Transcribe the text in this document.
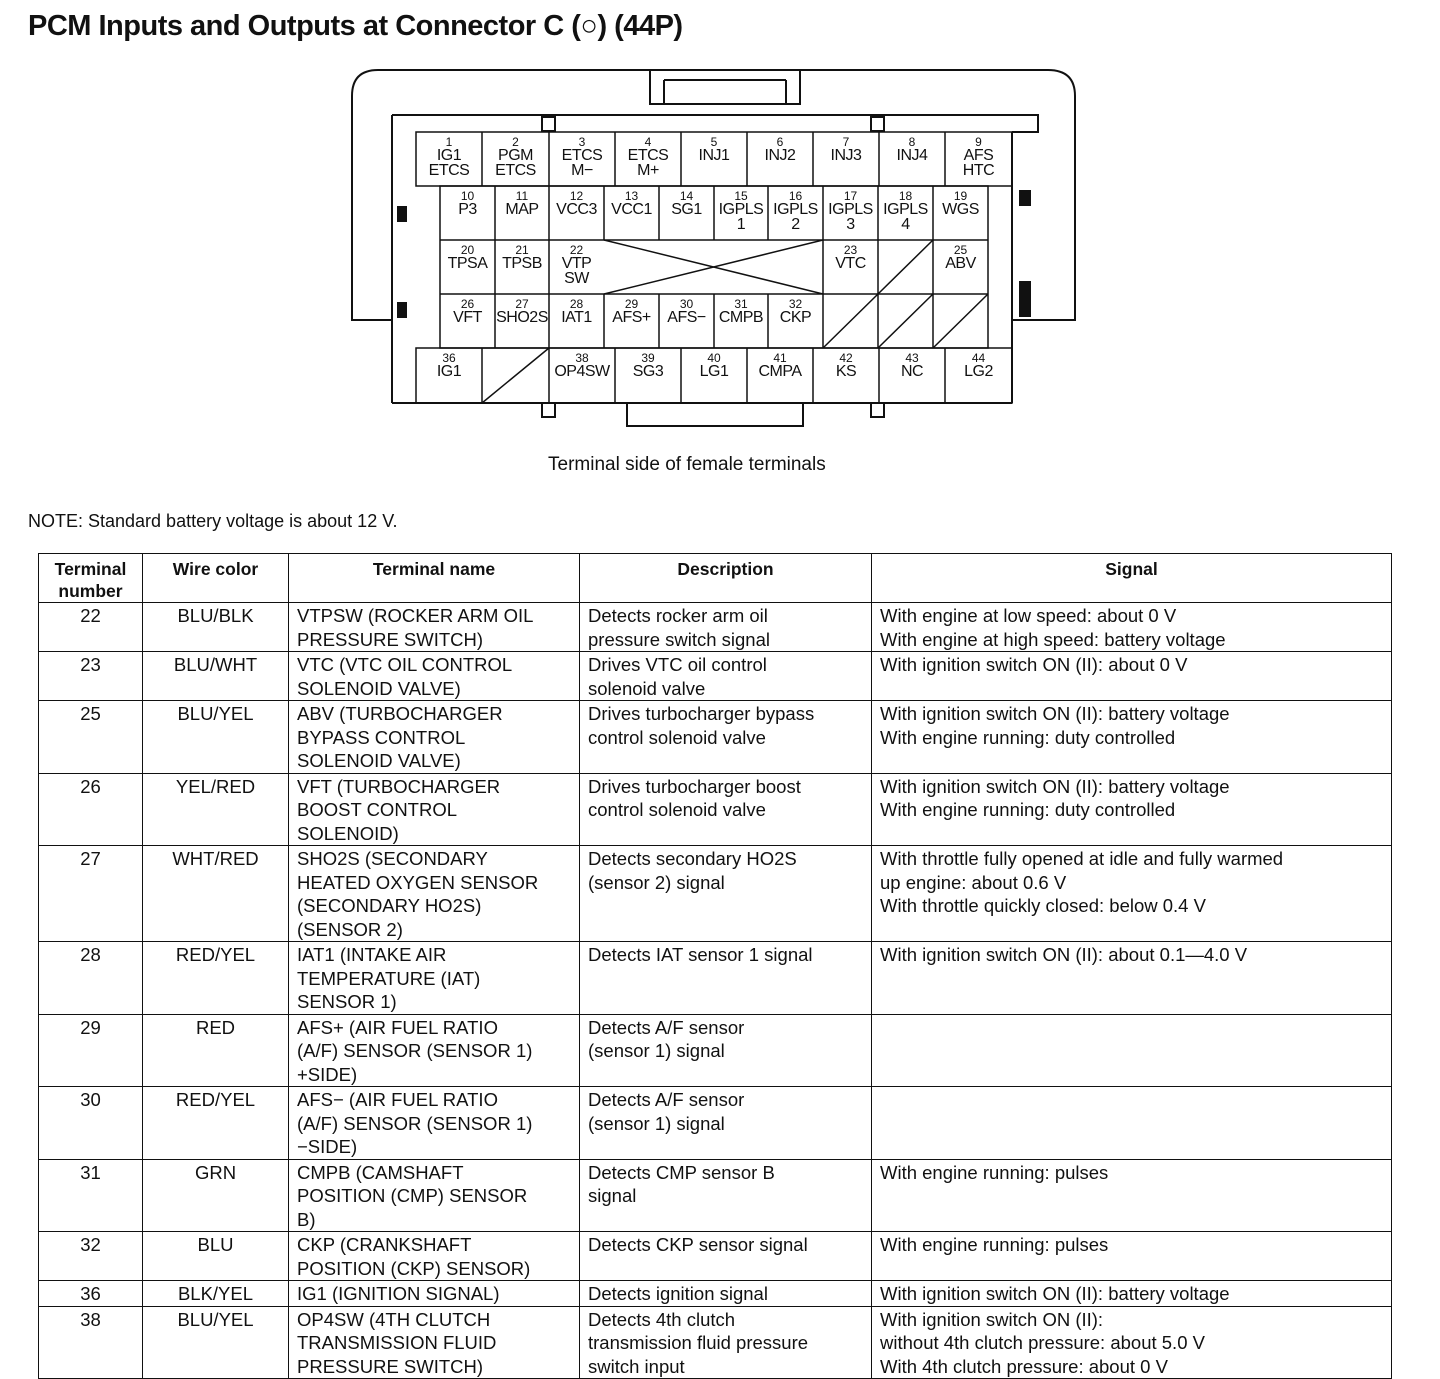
PCM Inputs and Outputs at Connector C (○) (44P)
1
IG1
ETCS
2
PGM
ETCS
3
ETCS
M−
4
ETCS
M+
5
INJ1
6
INJ2
7
INJ3
8
INJ4
9
AFS
HTC
10
P3
11
MAP
12
VCC3
13
VCC1
14
SG1
15
IGPLS
1
16
IGPLS
2
17
IGPLS
3
18
IGPLS
4
19
WGS
20
TPSA
21
TPSB
22
VTP
SW
23
VTC
25
ABV
26
VFT
27
SHO2S
28
IAT1
29
AFS+
30
AFS−
31
CMPB
32
CKP
36
IG1
38
OP4SW
39
SG3
40
LG1
41
CMPA
42
KS
43
NC
44
LG2
Terminal side of female terminals
NOTE: Standard battery voltage is about 12 V.
Terminal
number	Wire color	Terminal name	Description	Signal
22	BLU/BLK	VTPSW (ROCKER ARM OIL
PRESSURE SWITCH)	Detects rocker arm oil
pressure switch signal	With engine at low speed: about 0 V
With engine at high speed: battery voltage
23	BLU/WHT	VTC (VTC OIL CONTROL
SOLENOID VALVE)	Drives VTC oil control
solenoid valve	With ignition switch ON (II): about 0 V
25	BLU/YEL	ABV (TURBOCHARGER
BYPASS CONTROL
SOLENOID VALVE)	Drives turbocharger bypass
control solenoid valve	With ignition switch ON (II): battery voltage
With engine running: duty controlled
26	YEL/RED	VFT (TURBOCHARGER
BOOST CONTROL
SOLENOID)	Drives turbocharger boost
control solenoid valve	With ignition switch ON (II): battery voltage
With engine running: duty controlled
27	WHT/RED	SHO2S (SECONDARY
HEATED OXYGEN SENSOR
(SECONDARY HO2S)
(SENSOR 2)	Detects secondary HO2S
(sensor 2) signal	With throttle fully opened at idle and fully warmed
up engine: about 0.6 V
With throttle quickly closed: below 0.4 V
28	RED/YEL	IAT1 (INTAKE AIR
TEMPERATURE (IAT)
SENSOR 1)	Detects IAT sensor 1 signal	With ignition switch ON (II): about 0.1—4.0 V
29	RED	AFS+ (AIR FUEL RATIO
(A/F) SENSOR (SENSOR 1)
+SIDE)	Detects A/F sensor
(sensor 1) signal	
30	RED/YEL	AFS− (AIR FUEL RATIO
(A/F) SENSOR (SENSOR 1)
−SIDE)	Detects A/F sensor
(sensor 1) signal	
31	GRN	CMPB (CAMSHAFT
POSITION (CMP) SENSOR
B)	Detects CMP sensor B
signal	With engine running: pulses
32	BLU	CKP (CRANKSHAFT
POSITION (CKP) SENSOR)	Detects CKP sensor signal	With engine running: pulses
36	BLK/YEL	IG1 (IGNITION SIGNAL)	Detects ignition signal	With ignition switch ON (II): battery voltage
38	BLU/YEL	OP4SW (4TH CLUTCH
TRANSMISSION FLUID
PRESSURE SWITCH)	Detects 4th clutch
transmission fluid pressure
switch input	With ignition switch ON (II):
without 4th clutch pressure: about 5.0 V
With 4th clutch pressure: about 0 V
